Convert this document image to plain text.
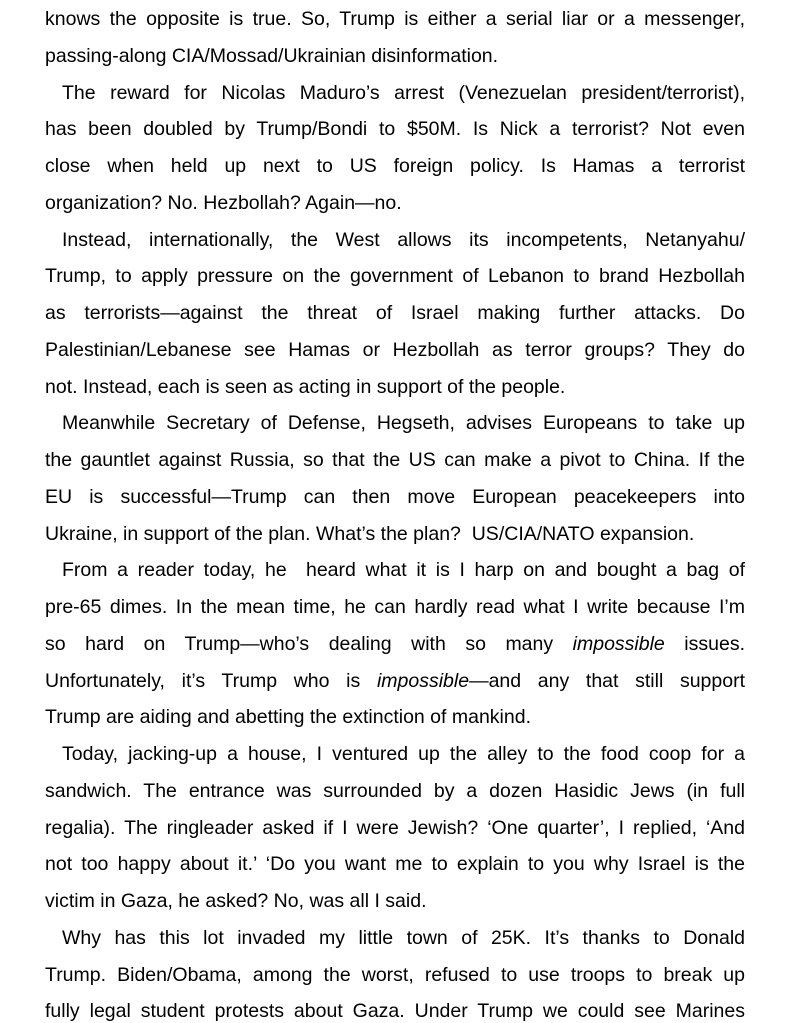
knows the opposite is true. So, Trump is either a serial liar or a messenger,
passing-along CIA/Mossad/Ukrainian disinformation.
The reward for Nicolas Maduro’s arrest (Venezuelan president/terrorist),
has been doubled by Trump/Bondi to $50M. Is Nick a terrorist? Not even
close when held up next to US foreign policy. Is Hamas a terrorist
organization? No. Hezbollah? Again—no.
Instead, internationally, the West allows its incompetents, Netanyahu/
Trump, to apply pressure on the government of Lebanon to brand Hezbollah
as terrorists—against the threat of Israel making further attacks. Do
Palestinian/Lebanese see Hamas or Hezbollah as terror groups? They do
not. Instead, each is seen as acting in support of the people.
Meanwhile Secretary of Defense, Hegseth, advises Europeans to take up
the gauntlet against Russia, so that the US can make a pivot to China. If the
EU is successful—Trump can then move European peacekeepers into
Ukraine, in support of the plan. What’s the plan?  US/CIA/NATO expansion.
From a reader today, he  heard what it is I harp on and bought a bag of
pre-65 dimes. In the mean time, he can hardly read what I write because I’m
so hard on Trump—who’s dealing with so many impossible issues.
Unfortunately, it’s Trump who is impossible—and any that still support
Trump are aiding and abetting the extinction of mankind.
Today, jacking-up a house, I ventured up the alley to the food coop for a
sandwich. The entrance was surrounded by a dozen Hasidic Jews (in full
regalia). The ringleader asked if I were Jewish? ‘One quarter’, I replied, ‘And
not too happy about it.’ ‘Do you want me to explain to you why Israel is the
victim in Gaza, he asked? No, was all I said.
Why has this lot invaded my little town of 25K. It’s thanks to Donald
Trump. Biden/Obama, among the worst, refused to use troops to break up
fully legal student protests about Gaza. Under Trump we could see Marines
